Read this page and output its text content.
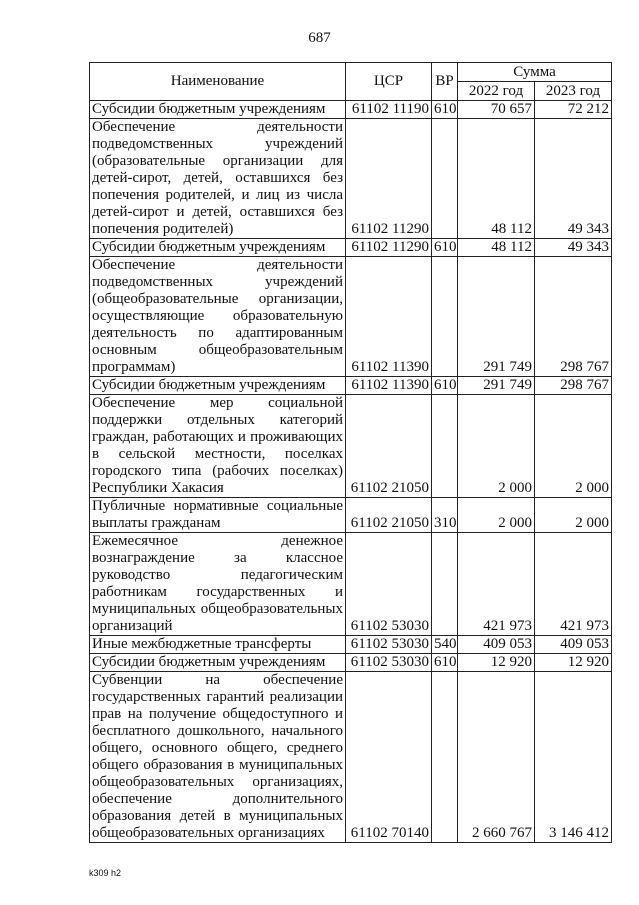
687
Наименование	ЦСР	ВР	Сумма	
			2022 год	2023 год
Субсидии бюджетным учреждениям	61102 11190	610	70 657	72 212
Обеспечение деятельности подведомственных учреждений (образовательные организации для детей-сирот, детей, оставшихся без попечения родителей, и лиц из числа детей-сирот и детей, оставшихся без попечения родителей)	61102 11290		48 112	49 343
Субсидии бюджетным учреждениям	61102 11290	610	48 112	49 343
Обеспечение деятельности подведомственных учреждений (общеобразовательные организации, осуществляющие образовательную деятельность по адаптированным основным общеобразовательным программам)	61102 11390		291 749	298 767
Субсидии бюджетным учреждениям	61102 11390	610	291 749	298 767
Обеспечение мер социальной поддержки отдельных категорий граждан, работающих и проживающих в сельской местности, поселках городского типа (рабочих поселках) Республики Хакасия	61102 21050		2 000	2 000
Публичные нормативные социальные выплаты гражданам	61102 21050	310	2 000	2 000
Ежемесячное денежное вознаграждение за классное руководство педагогическим работникам государственных и муниципальных общеобразовательных организаций	61102 53030		421 973	421 973
Иные межбюджетные трансферты	61102 53030	540	409 053	409 053
Субсидии бюджетным учреждениям	61102 53030	610	12 920	12 920
Субвенции на обеспечение государственных гарантий реализации прав на получение общедоступного и бесплатного дошкольного, начального общего, основного общего, среднего общего образования в муниципальных общеобразовательных организациях, обеспечение дополнительного образования детей в муниципальных общеобразовательных организациях	61102 70140		2 660 767	3 146 412
k309 h2
